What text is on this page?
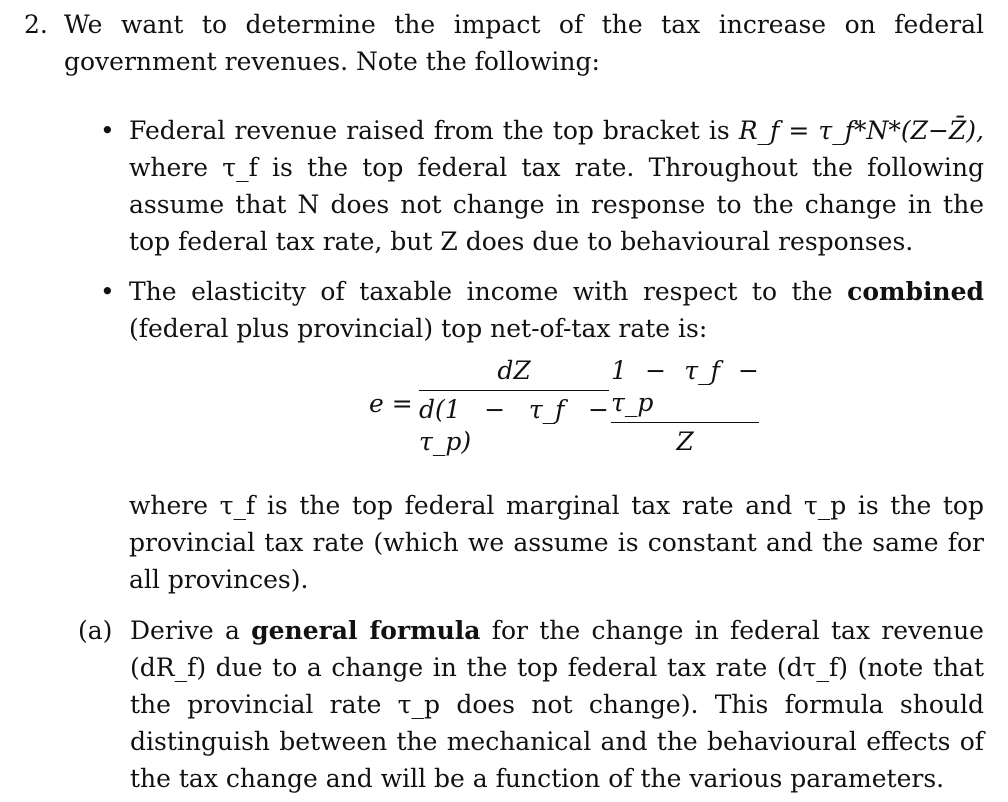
2. We want to determine the impact of the tax increase on federal government revenues. Note the following:
• Federal revenue raised from the top bracket is R_f = τ_f*N*(Z−Z̄), where τ_f is the top federal tax rate. Throughout the following assume that N does not change in response to the change in the top federal tax rate, but Z does due to behavioural responses.
• The elasticity of taxable income with respect to the combined (federal plus provincial) top net-of-tax rate is:
e =
dZ
d(1 − τ_f − τ_p)
1 − τ_f − τ_p
Z
where τ_f is the top federal marginal tax rate and τ_p is the top provincial tax rate (which we assume is constant and the same for all provinces).
(a) Derive a general formula for the change in federal tax revenue (dR_f) due to a change in the top federal tax rate (dτ_f) (note that the provincial rate τ_p does not change). This formula should distinguish between the mechanical and the behavioural effects of the tax change and will be a function of the various parameters.
